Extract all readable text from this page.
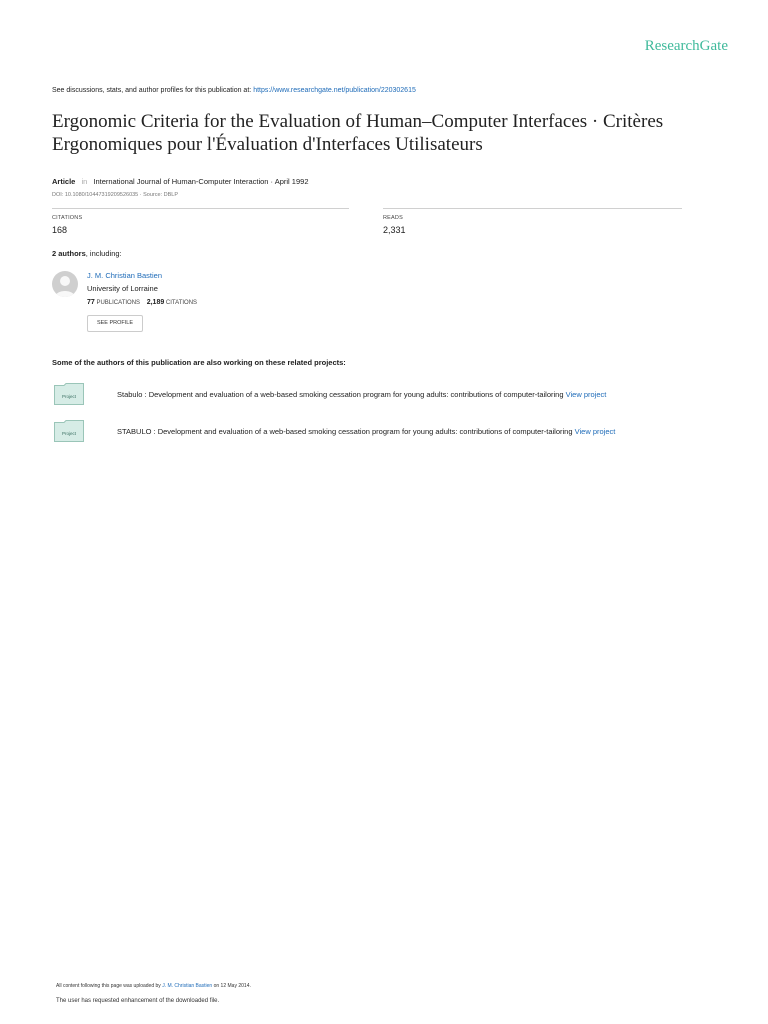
ResearchGate
See discussions, stats, and author profiles for this publication at: https://www.researchgate.net/publication/220302615
Ergonomic Criteria for the Evaluation of Human–Computer Interfaces · Critères Ergonomiques pour l'Évaluation d'Interfaces Utilisateurs
Article in International Journal of Human-Computer Interaction · April 1992
DOI: 10.1080/10447319209526035 · Source: DBLP
CITATIONS
168
READS
2,331
2 authors, including:
J. M. Christian Bastien
University of Lorraine
77 PUBLICATIONS 2,189 CITATIONS
SEE PROFILE
Some of the authors of this publication are also working on these related projects:
Project	Stabulo : Development and evaluation of a web-based smoking cessation program for young adults: contributions of computer-tailoring View project
Project	STABULO : Development and evaluation of a web-based smoking cessation program for young adults: contributions of computer-tailoring View project
All content following this page was uploaded by J. M. Christian Bastien on 12 May 2014.
The user has requested enhancement of the downloaded file.
